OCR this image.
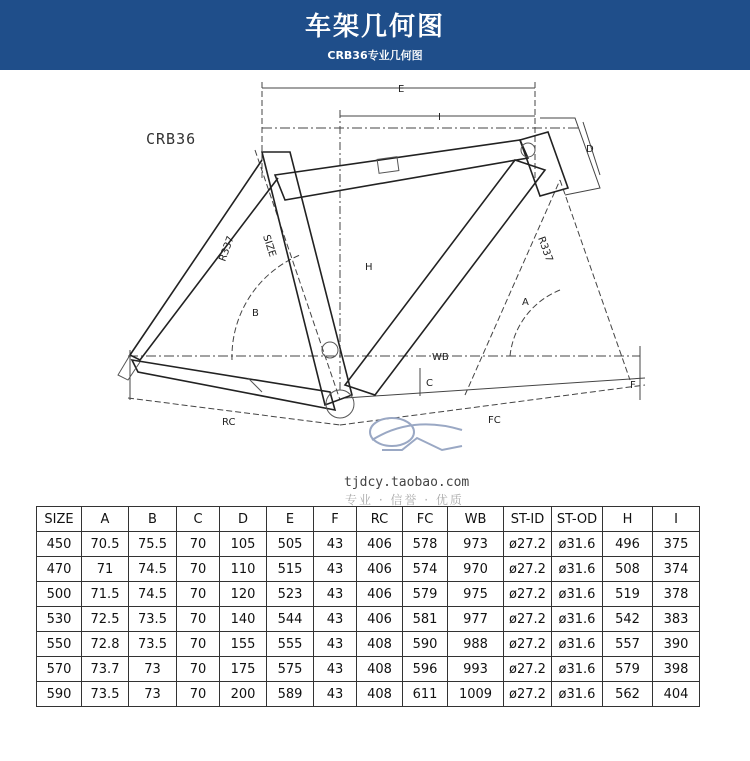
车架几何图
CRB36专业几何图
CRB36
E
I
D
H
SIZE
R337	R337
A
B
C	F
WB
RC	FC
tjdcy.taobao.com
专业 · 信誉 · 优质
SIZE	A	B	C	D	E	F	RC	FC	WB	ST-ID	ST-OD	H	I
450	70.5	75.5	70	105	505	43	406	578	973	ø27.2	ø31.6	496	375
470	71	74.5	70	110	515	43	406	574	970	ø27.2	ø31.6	508	374
500	71.5	74.5	70	120	523	43	406	579	975	ø27.2	ø31.6	519	378
530	72.5	73.5	70	140	544	43	406	581	977	ø27.2	ø31.6	542	383
550	72.8	73.5	70	155	555	43	408	590	988	ø27.2	ø31.6	557	390
570	73.7	73	70	175	575	43	408	596	993	ø27.2	ø31.6	579	398
590	73.5	73	70	200	589	43	408	611	1009	ø27.2	ø31.6	562	404
